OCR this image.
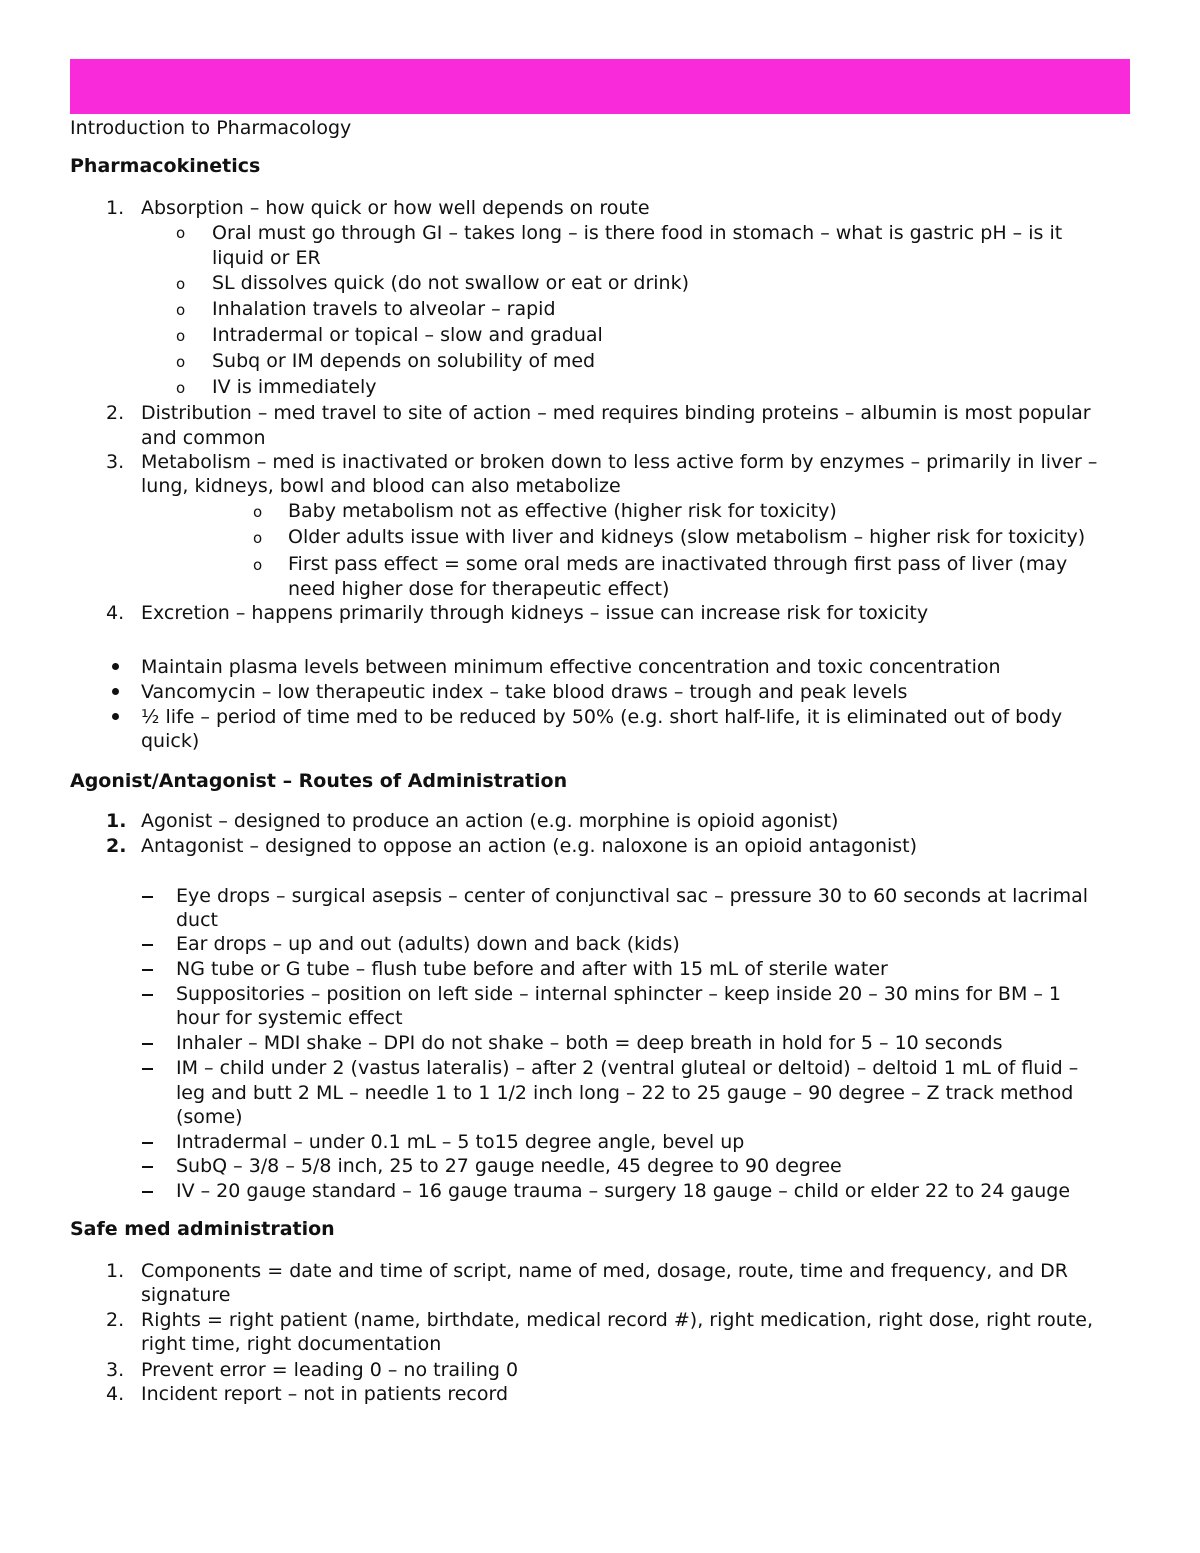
Introduction to Pharmacology
Pharmacokinetics
1. Absorption – how quick or how well depends on route
o Oral must go through GI – takes long – is there food in stomach – what is gastric pH – is it
liquid or ER
o SL dissolves quick (do not swallow or eat or drink)
o Inhalation travels to alveolar – rapid
o Intradermal or topical – slow and gradual
o Subq or IM depends on solubility of med
o IV is immediately
2. Distribution – med travel to site of action – med requires binding proteins – albumin is most popular
and common
3. Metabolism – med is inactivated or broken down to less active form by enzymes – primarily in liver –
lung, kidneys, bowl and blood can also metabolize
o Baby metabolism not as effective (higher risk for toxicity)
o Older adults issue with liver and kidneys (slow metabolism – higher risk for toxicity)
o First pass effect = some oral meds are inactivated through first pass of liver (may
need higher dose for therapeutic effect)
4. Excretion – happens primarily through kidneys – issue can increase risk for toxicity
Maintain plasma levels between minimum effective concentration and toxic concentration
Vancomycin – low therapeutic index – take blood draws – trough and peak levels
½ life – period of time med to be reduced by 50% (e.g. short half-life, it is eliminated out of body
quick)
Agonist/Antagonist – Routes of Administration
1. Agonist – designed to produce an action (e.g. morphine is opioid agonist)
2. Antagonist – designed to oppose an action (e.g. naloxone is an opioid antagonist)
Eye drops – surgical asepsis – center of conjunctival sac – pressure 30 to 60 seconds at lacrimal
duct
Ear drops – up and out (adults) down and back (kids)
NG tube or G tube – flush tube before and after with 15 mL of sterile water
Suppositories – position on left side – internal sphincter – keep inside 20 – 30 mins for BM – 1
hour for systemic effect
Inhaler – MDI shake – DPI do not shake – both = deep breath in hold for 5 – 10 seconds
IM – child under 2 (vastus lateralis) – after 2 (ventral gluteal or deltoid) – deltoid 1 mL of fluid –
leg and butt 2 ML – needle 1 to 1 1/2 inch long – 22 to 25 gauge – 90 degree – Z track method
(some)
Intradermal – under 0.1 mL – 5 to15 degree angle, bevel up
SubQ – 3/8 – 5/8 inch, 25 to 27 gauge needle, 45 degree to 90 degree
IV – 20 gauge standard – 16 gauge trauma – surgery 18 gauge – child or elder 22 to 24 gauge
Safe med administration
1. Components = date and time of script, name of med, dosage, route, time and frequency, and DR
signature
2. Rights = right patient (name, birthdate, medical record #), right medication, right dose, right route,
right time, right documentation
3. Prevent error = leading 0 – no trailing 0
4. Incident report – not in patients record
